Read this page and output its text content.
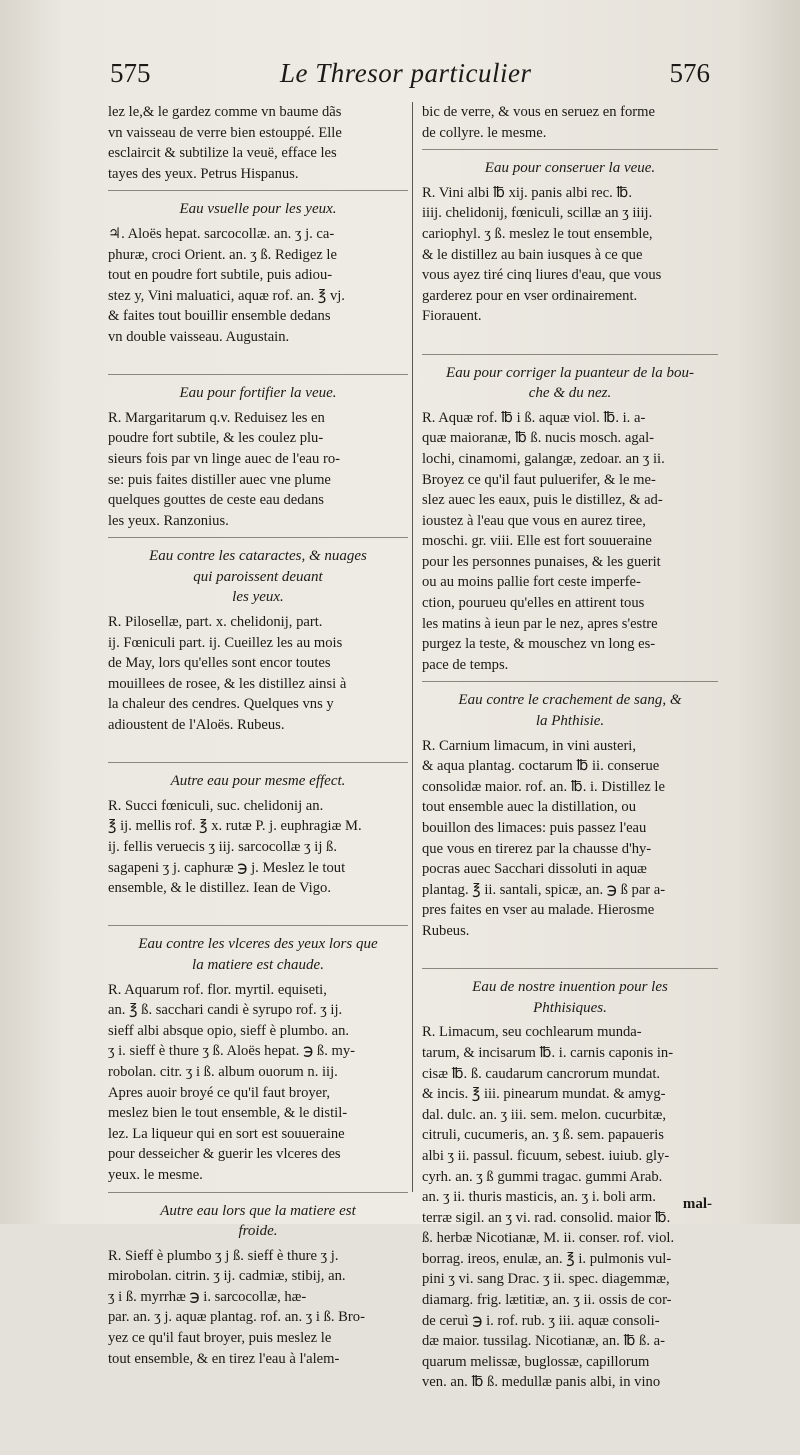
575	Le Thresor particulier	576
lez le,& le gardez comme vn baume dãs
vn vaisseau de verre bien estouppé. Elle
esclaircit & subtilize la veuë, efface les
tayes des yeux. Petrus Hispanus.
Eau vsuelle pour les yeux.
♃. Aloës hepat. sarcocollæ. an. ʒ j. ca-
phuræ, croci Orient. an. ʒ ß. Redigez le
tout en poudre fort subtile, puis adiou-
stez y, Vini maluatici, aquæ rof. an. ℥ vj.
& faites tout bouillir ensemble dedans
vn double vaisseau. Augustain.

Eau pour fortifier la veue.
R. Margaritarum q.v. Reduisez les en
poudre fort subtile, & les coulez plu-
sieurs fois par vn linge auec de l'eau ro-
se: puis faites distiller auec vne plume
quelques gouttes de ceste eau dedans
les yeux. Ranzonius.
Eau contre les cataractes, & nuages
qui paroissent deuant
les yeux.
R. Pilosellæ, part. x. chelidonij, part.
ij. Fœniculi part. ij. Cueillez les au mois
de May, lors qu'elles sont encor toutes
mouillees de rosee, & les distillez ainsi à
la chaleur des cendres. Quelques vns y
adioustent de l'Aloës. Rubeus.

Autre eau pour mesme effect.
R. Succi fœniculi, suc. chelidonij an.
℥ ij. mellis rof. ℥ x. rutæ P. j. euphragiæ M.
ij. fellis veruecis ʒ iij. sarcocollæ ʒ ij ß.
sagapeni ʒ j. caphuræ ℈ j. Meslez le tout
ensemble, & le distillez. Iean de Vigo.

Eau contre les vlceres des yeux lors que
la matiere est chaude.
R. Aquarum rof. flor. myrtil. equiseti,
an. ℥ ß. sacchari candi è syrupo rof. ʒ ij.
sieff albi absque opio, sieff è plumbo. an.
ʒ i. sieff è thure ʒ ß. Aloës hepat. ℈ ß. my-
robolan. citr. ʒ i ß. album ouorum n. iij.
Apres auoir broyé ce qu'il faut broyer,
meslez bien le tout ensemble, & le distil-
lez. La liqueur qui en sort est souueraine
pour desseicher & guerir les vlceres des
yeux. le mesme.
Autre eau lors que la matiere est
froide.
R. Sieff è plumbo ʒ j ß. sieff è thure ʒ j.
mirobolan. citrin. ʒ ij. cadmiæ, stibij, an.
ʒ i ß. myrrhæ ℈ i. sarcocollæ, hæ-
par. an. ʒ j. aquæ plantag. rof. an. ʒ i ß. Bro-
yez ce qu'il faut broyer, puis meslez le
tout ensemble, & en tirez l'eau à l'alem-
bic de verre, & vous en seruez en forme
de collyre. le mesme.
Eau pour conseruer la veue.
R. Vini albi ℔ xij. panis albi rec. ℔.
iiij. chelidonij, fœniculi, scillæ an ʒ iiij.
cariophyl. ʒ ß. meslez le tout ensemble,
& le distillez au bain iusques à ce que
vous ayez tiré cinq liures d'eau, que vous
garderez pour en vser ordinairement.
Fiorauent.

Eau pour corriger la puanteur de la bou-
che & du nez.
R. Aquæ rof. ℔ i ß. aquæ viol. ℔. i. a-
quæ maioranæ, ℔ ß. nucis mosch. agal-
lochi, cinamomi, galangæ, zedoar. an ʒ ii.
Broyez ce qu'il faut puluerifer, & le me-
slez auec les eaux, puis le distillez, & ad-
ioustez à l'eau que vous en aurez tiree,
moschi. gr. viii. Elle est fort souueraine
pour les personnes punaises, & les guerit
ou au moins pallie fort ceste imperfe-
ction, pourueu qu'elles en attirent tous
les matins à ieun par le nez, apres s'estre
purgez la teste, & mouschez vn long es-
pace de temps.
Eau contre le crachement de sang, &
la Phthisie.
R. Carnium limacum, in vini austeri,
& aqua plantag. coctarum ℔ ii. conserue
consolidæ maior. rof. an. ℔. i. Distillez le
tout ensemble auec la distillation, ou
bouillon des limaces: puis passez l'eau
que vous en tirerez par la chausse d'hy-
pocras auec Sacchari dissoluti in aquæ
plantag. ℥ ii. santali, spicæ, an. ℈ ß par a-
pres faites en vser au malade. Hierosme
Rubeus.

Eau de nostre inuention pour les
Phthisiques.
R. Limacum, seu cochlearum munda-
tarum, & incisarum ℔. i. carnis caponis in-
cisæ ℔. ß. caudarum cancrorum mundat.
& incis. ℥ iii. pinearum mundat. & amyg-
dal. dulc. an. ʒ iii. sem. melon. cucurbitæ,
citruli, cucumeris, an. ʒ ß. sem. papaueris
albi ʒ ii. passul. ficuum, sebest. iuiub. gly-
cyrh. an. ʒ ß gummi tragac. gummi Arab.
an. ʒ ii. thuris masticis, an. ʒ i. boli arm.
terræ sigil. an ʒ vi. rad. consolid. maior ℔.
ß. herbæ Nicotianæ, M. ii. conser. rof. viol.
borrag. ireos, enulæ, an. ℥ i. pulmonis vul-
pini ʒ vi. sang Drac. ʒ ii. spec. diagemmæ,
diamarg. frig. lætitiæ, an. ʒ ii. ossis de cor-
de ceruì ℈ i. rof. rub. ʒ iii. aquæ consoli-
dæ maior. tussilag. Nicotianæ, an. ℔ ß. a-
quarum melissæ, buglossæ, capillorum
ven. an. ℔ ß. medullæ panis albi, in vino

mal-
